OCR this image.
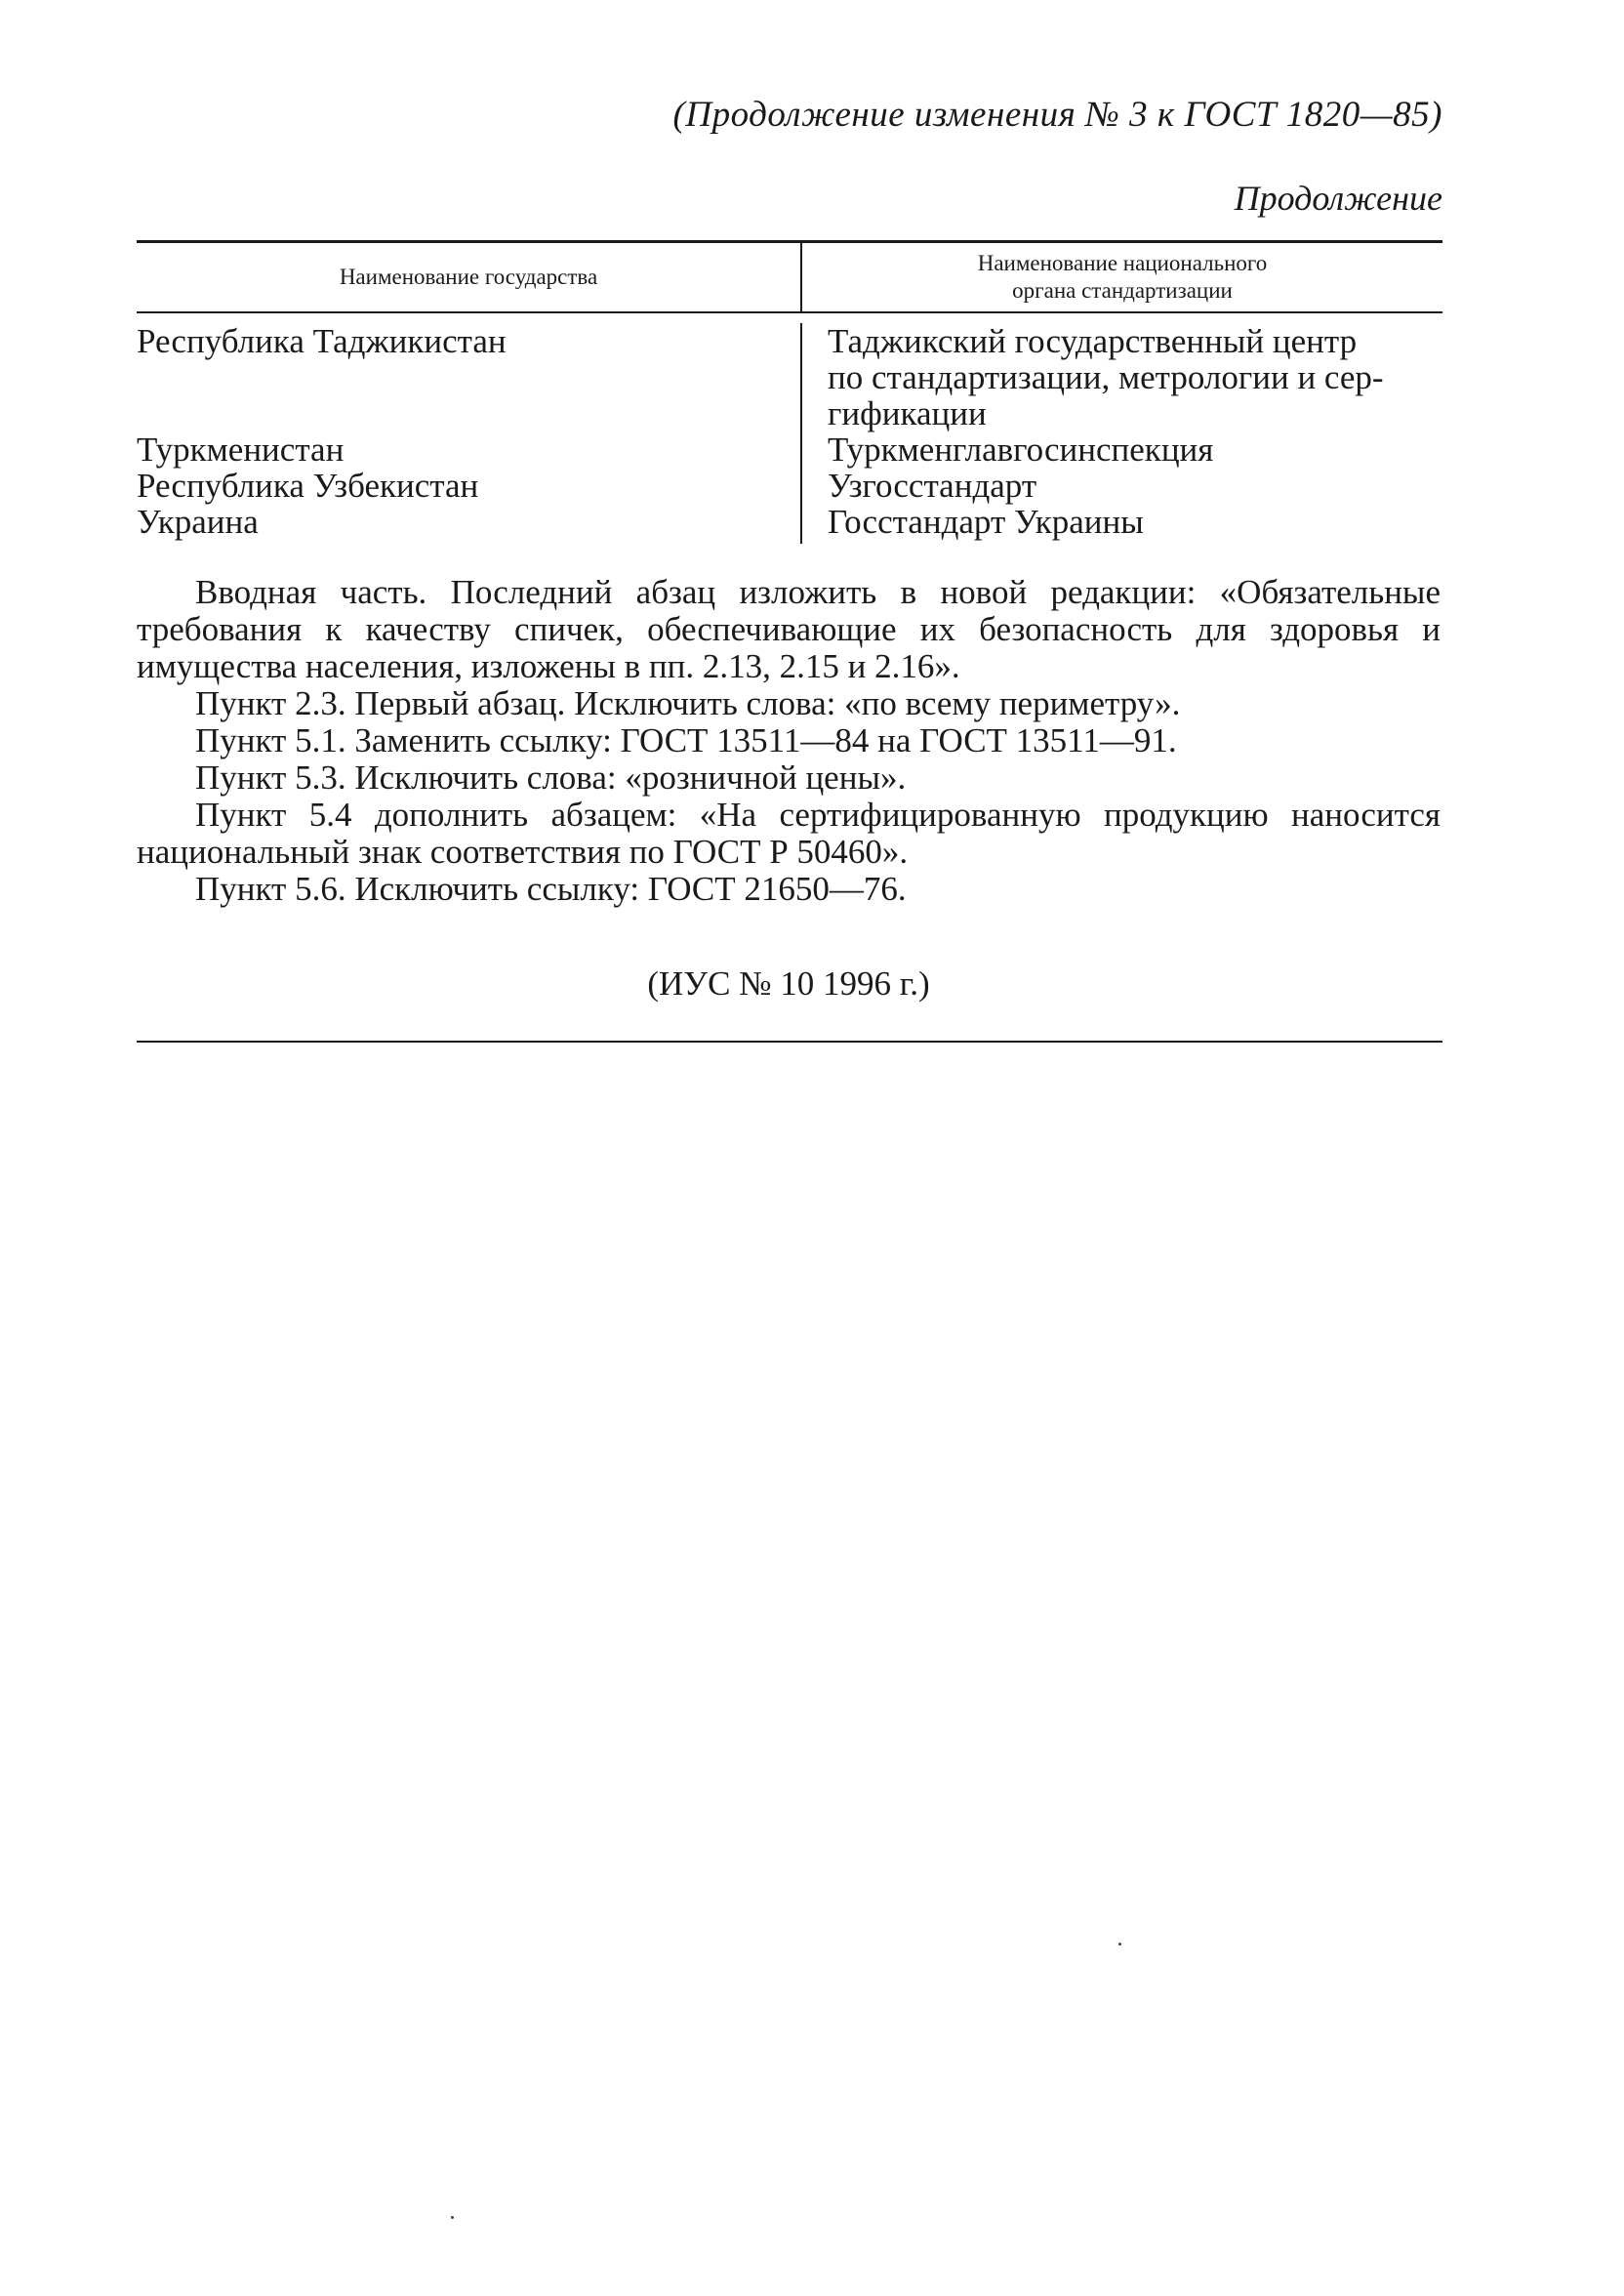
(Продолжение изменения № 3 к ГОСТ 1820—85)
Продолжение
Наименование государства
Наименование национального
органа стандартизации
Республика Таджикистан

Туркменистан
Республика Узбекистан
Украина
Таджикский государственный центр
по стандартизации, метрологии и сер-
гификации
Туркменглавгосинспекция
Узгосстандарт
Госстандарт Украины

Вводная часть. Последний абзац изложить в новой редакции: «Обязательные требования к качеству спичек, обеспечивающие их безопасность для здоровья и имущества населения, изложены в пп. 2.13, 2.15 и 2.16».

Пункт 2.3. Первый абзац. Исключить слова: «по всему периметру».

Пункт 5.1. Заменить ссылку: ГОСТ 13511—84 на ГОСТ 13511—91.

Пункт 5.3. Исключить слова: «розничной цены».

Пункт 5.4 дополнить абзацем: «На сертифицированную продукцию наносится национальный знак соответствия по ГОСТ Р 50460».

Пункт 5.6. Исключить ссылку: ГОСТ 21650—76.

(ИУС № 10 1996 г.)
